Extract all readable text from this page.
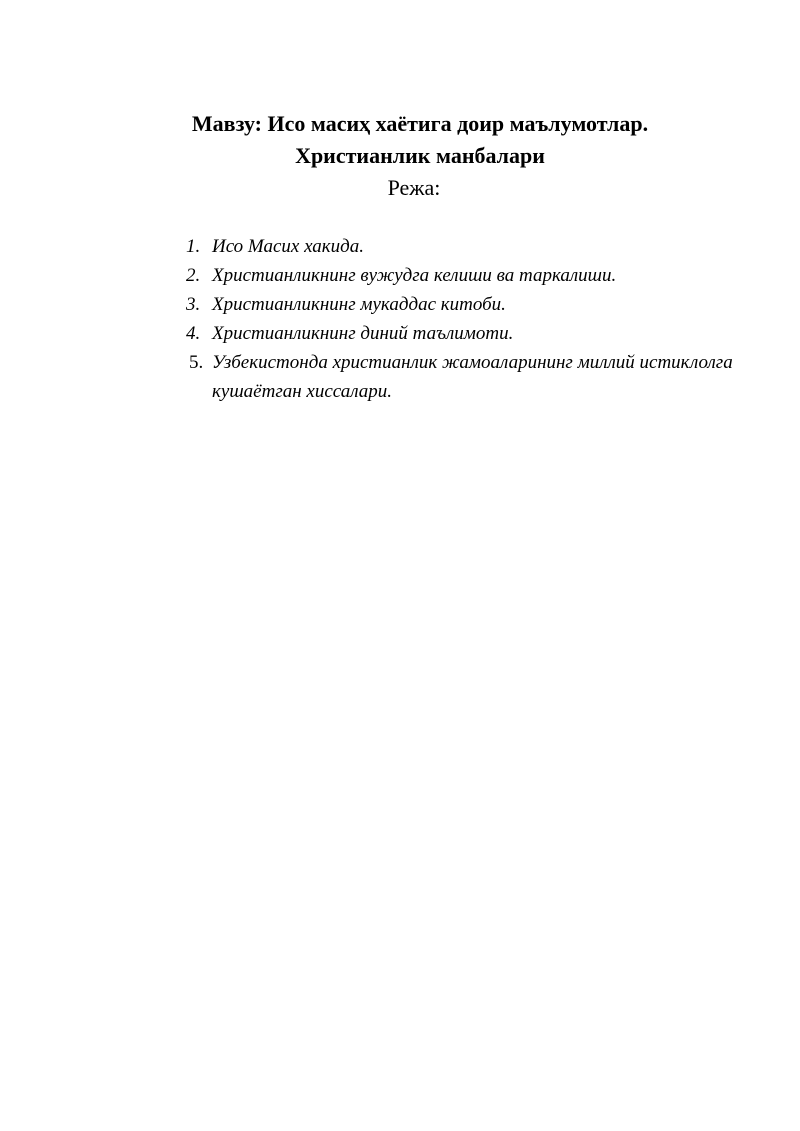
Мавзу: Исо масиҳ хаётига доир маълумотлар.
Христианлик манбалари

Режа:

1. Исо Масих хакида.
2. Христианликнинг вужудга келиши ва таркалиши.
3. Христианликнинг мукаддас китоби.
4. Христианликнинг диний таълимоти.
5. Узбекистонда христианлик жамоаларининг миллий истиклолга кушаётган хиссалари.
